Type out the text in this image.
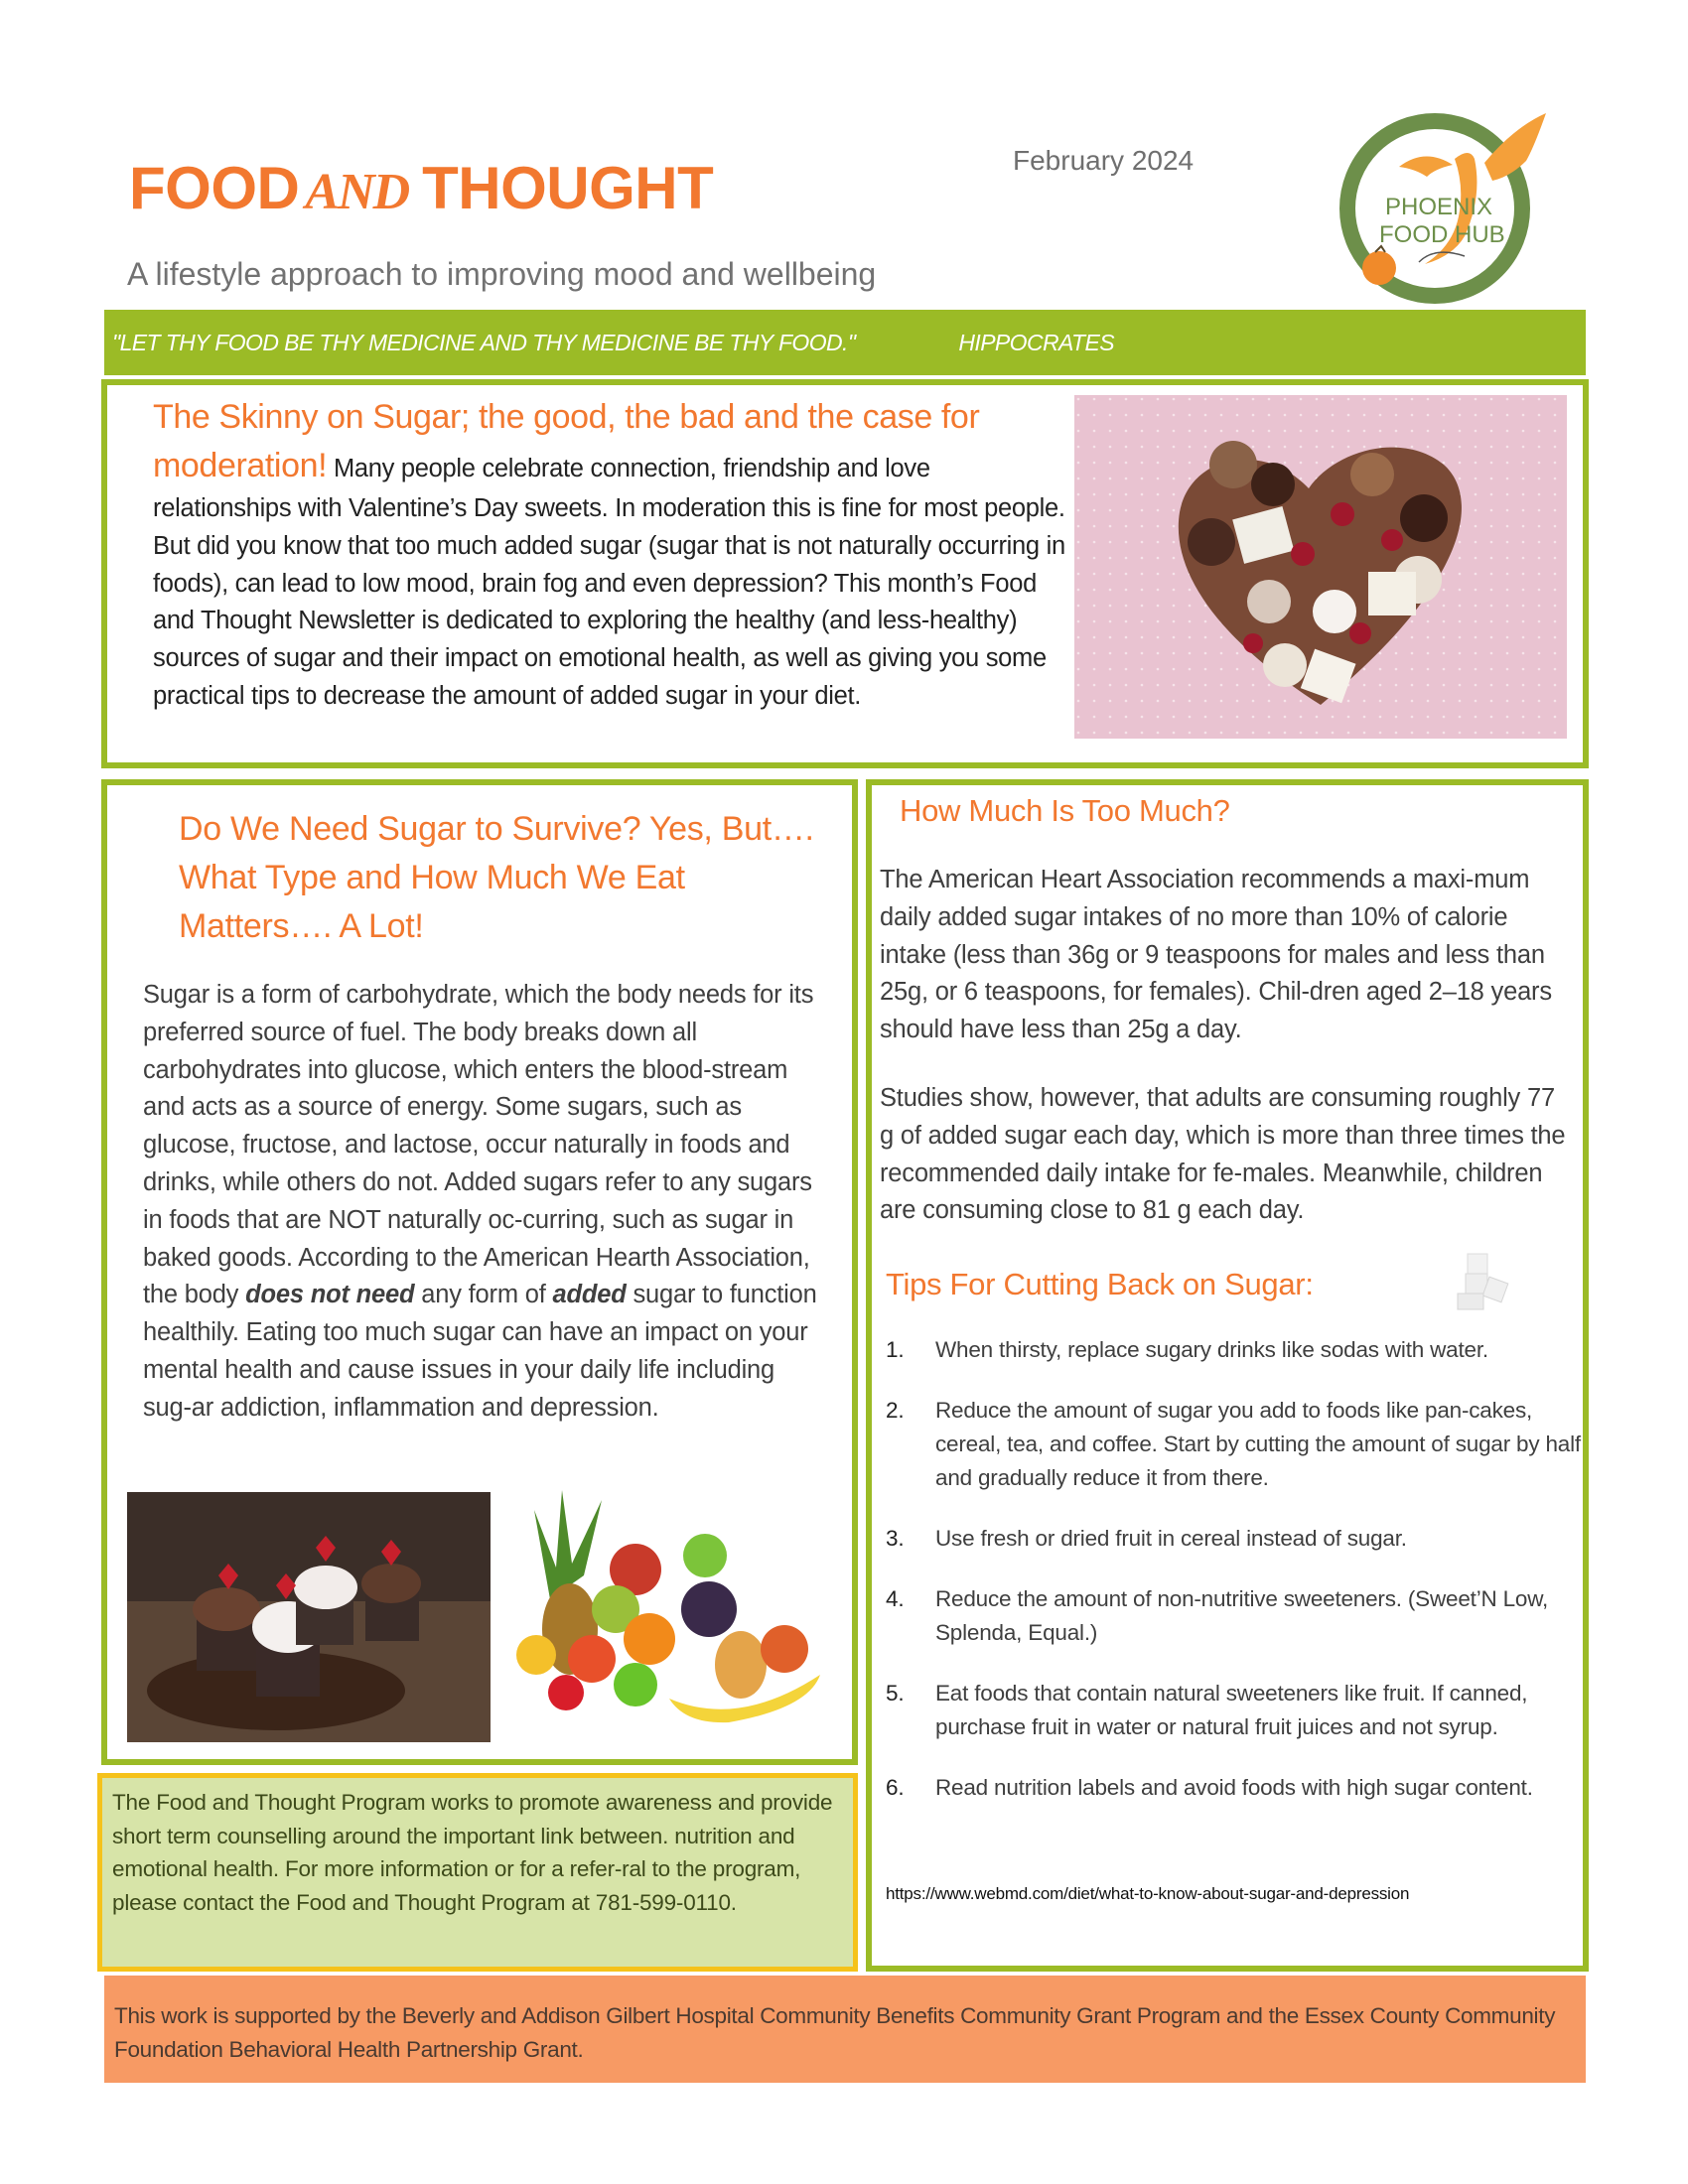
FOOD AND THOUGHT	February 2024
A lifestyle approach to improving mood and wellbeing
PHOENIX
FOOD HUB
"LET THY FOOD BE THY MEDICINE AND THY MEDICINE BE THY FOOD."	HIPPOCRATES
The Skinny on Sugar; the good, the bad and the case for moderation! Many people celebrate connection, friendship and love relationships with Valentine’s Day sweets. In moderation this is fine for most people. But did you know that too much added sugar (sugar that is not naturally occurring in foods), can lead to low mood, brain fog and even depression? This month’s Food and Thought Newsletter is dedicated to exploring the healthy (and less-healthy) sources of sugar and their impact on emotional health, as well as giving you some practical tips to decrease the amount of added sugar in your diet.
Do We Need Sugar to Survive? Yes, But…. What Type and How Much We Eat Matters…. A Lot!
Sugar is a form of carbohydrate, which the body needs for its preferred source of fuel. The body breaks down all carbohydrates into glucose, which enters the blood-stream and acts as a source of energy. Some sugars, such as glucose, fructose, and lactose, occur naturally in foods and drinks, while others do not. Added sugars refer to any sugars in foods that are NOT naturally oc-curring, such as sugar in baked goods. According to the American Hearth Association, the body does not need any form of added sugar to function healthily. Eating too much sugar can have an impact on your mental health and cause issues in your daily life including sug-ar addiction, inflammation and depression.
How Much Is Too Much?
The American Heart Association recommends a maxi-mum daily added sugar intakes of no more than 10% of calorie intake (less than 36g or 9 teaspoons for males and less than 25g, or 6 teaspoons, for females). Chil-dren aged 2–18 years should have less than 25g a day.
Studies show, however, that adults are consuming roughly 77 g of added sugar each day, which is more than three times the recommended daily intake for fe-males. Meanwhile, children are consuming close to 81 g each day.
Tips For Cutting Back on Sugar:
1.	When thirsty, replace sugary drinks like sodas with water.
2.	Reduce the amount of sugar you add to foods like pan-cakes, cereal, tea, and coffee. Start by cutting the amount of sugar by half and gradually reduce it from there.
3.	Use fresh or dried fruit in cereal instead of sugar.
4.	Reduce the amount of non-nutritive sweeteners. (Sweet’N Low, Splenda, Equal.)
5.	Eat foods that contain natural sweeteners like fruit. If canned, purchase fruit in water or natural fruit juices and not syrup.
6.	Read nutrition labels and avoid foods with high sugar content.
https://www.webmd.com/diet/what-to-know-about-sugar-and-depression
The Food and Thought Program works to promote awareness and provide short term counselling around the important link between. nutrition and emotional health. For more information or for a refer-ral to the program, please contact the Food and Thought Program at 781-599-0110.
This work is supported by the Beverly and Addison Gilbert Hospital Community Benefits Community Grant Program and the Essex County Community Foundation Behavioral Health Partnership Grant.
